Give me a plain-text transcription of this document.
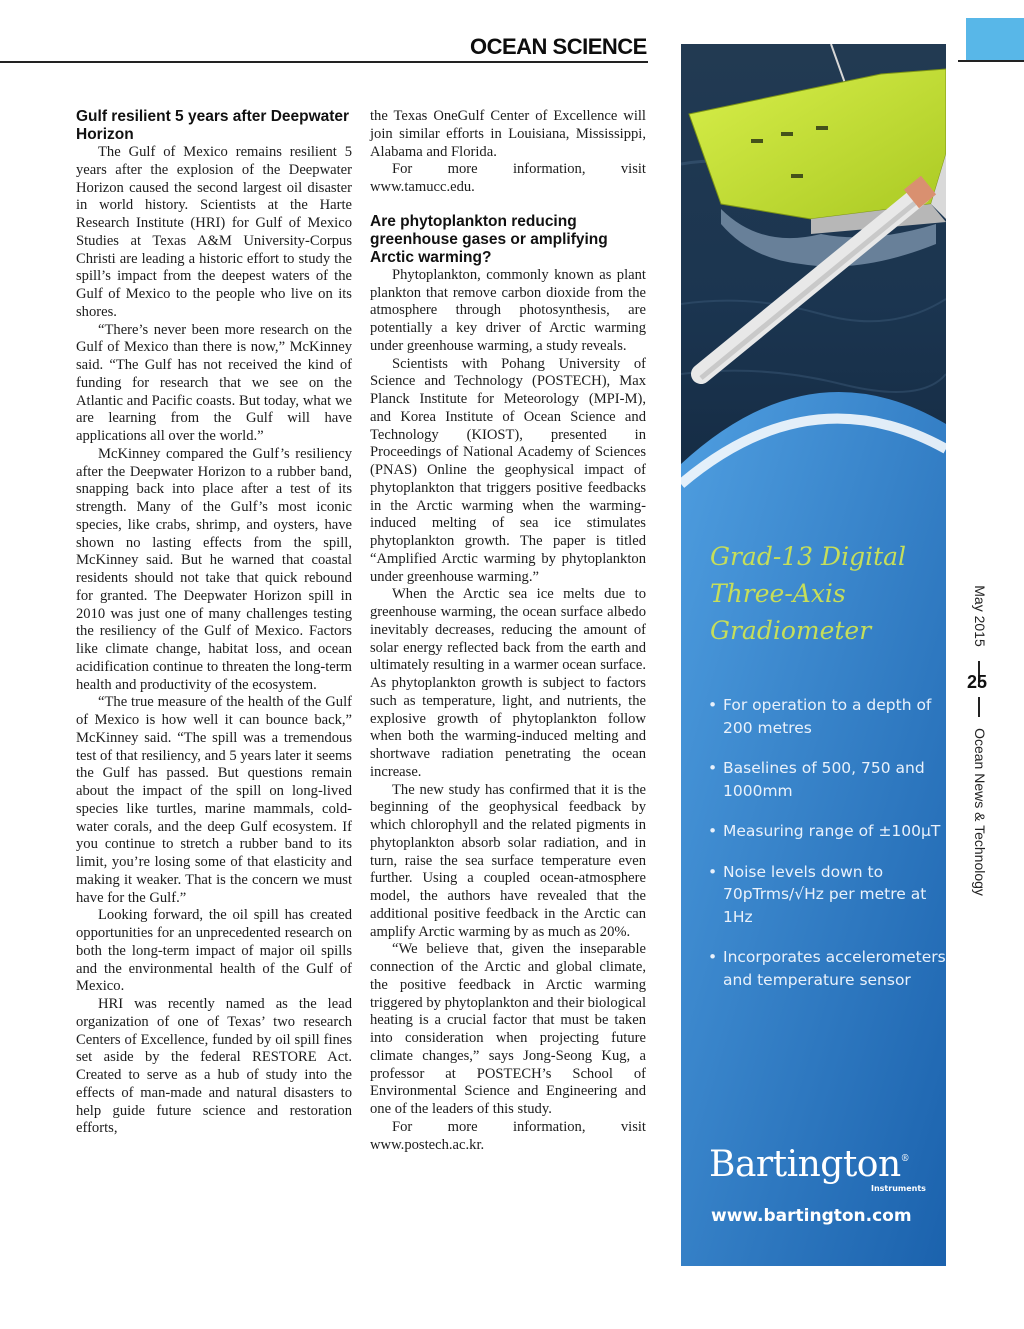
OCEAN SCIENCE
Gulf resilient 5 years after Deepwater Horizon

The Gulf of Mexico remains resilient 5 years after the explosion of the Deepwater Horizon caused the second largest oil disaster in world history. Scientists at the Harte Research Institute (HRI) for Gulf of Mexico Studies at Texas A&M University-Corpus Christi are leading a historic effort to study the spill’s impact from the deepest waters of the Gulf of Mexico to the people who live on its shores.

“There’s never been more research on the Gulf of Mexico than there is now,” McKinney said. “The Gulf has not received the kind of funding for research that we see on the Atlantic and Pacific coasts. But today, what we are learning from the Gulf will have applications all over the world.”

McKinney compared the Gulf’s resiliency after the Deepwater Horizon to a rubber band, snapping back into place after a test of its strength. Many of the Gulf’s most iconic species, like crabs, shrimp, and oysters, have shown no lasting effects from the spill, McKinney said. But he warned that coastal residents should not take that quick rebound for granted. The Deepwater Horizon spill in 2010 was just one of many challenges testing the resiliency of the Gulf of Mexico. Factors like climate change, habitat loss, and ocean acidification continue to threaten the long-term health and productivity of the ecosystem.

“The true measure of the health of the Gulf of Mexico is how well it can bounce back,” McKinney said. “The spill was a tremendous test of that resiliency, and 5 years later it seems the Gulf has passed. But questions remain about the impact of the spill on long-lived species like turtles, marine mammals, cold-water corals, and the deep Gulf ecosystem. If you continue to stretch a rubber band to its limit, you’re losing some of that elasticity and making it weaker. That is the concern we must have for the Gulf.”

Looking forward, the oil spill has created opportunities for an unprecedented research on both the long-term impact of major oil spills and the environmental health of the Gulf of Mexico.

HRI was recently named as the lead organization of one of Texas’ two research Centers of Excellence, funded by oil spill fines set aside by the federal RESTORE Act. Created to serve as a hub of study into the effects of man-made and natural disasters to help guide future science and restoration efforts,

the Texas OneGulf Center of Excellence will join similar efforts in Louisiana, Mississippi, Alabama and Florida.

For more information, visit www.tamucc.edu.

Are phytoplankton reducing greenhouse gases or amplifying Arctic warming?

Phytoplankton, commonly known as plant plankton that remove carbon dioxide from the atmosphere through photosynthesis, are potentially a key driver of Arctic warming under greenhouse warming, a study reveals.

Scientists with Pohang University of Science and Technology (POSTECH), Max Planck Institute for Meteorology (MPI-M), and Korea Institute of Ocean Science and Technology (KIOST), presented in Proceedings of National Academy of Sciences (PNAS) Online the geophysical impact of phytoplankton that triggers positive feedbacks in the Arctic warming when the warming-induced melting of sea ice stimulates phytoplankton growth. The paper is titled “Amplified Arctic warming by phytoplankton under greenhouse warming.”

When the Arctic sea ice melts due to greenhouse warming, the ocean surface albedo inevitably decreases, reducing the amount of solar energy reflected back from the earth and ultimately resulting in a warmer ocean surface. As phytoplankton growth is subject to factors such as temperature, light, and nutrients, the explosive growth of phytoplankton follow when both the warming-induced melting and shortwave radiation penetrating the ocean increase.

The new study has confirmed that it is the beginning of the geophysical feedback by which chlorophyll and the related pigments in phytoplankton absorb solar radiation, and in turn, raise the sea surface temperature even further. Using a coupled ocean-atmosphere model, the authors have revealed that the additional positive feedback in the Arctic can amplify Arctic warming by as much as 20%.

“We believe that, given the inseparable connection of the Arctic and global climate, the positive feedback in Arctic warming triggered by phytoplankton and their biological heating is a crucial factor that must be taken into consideration when projecting future climate changes,” says Jong-Seong Kug, a professor at POSTECH’s School of Environmental Science and Engineering and one of the leaders of this study.

For more information, visit www.postech.ac.kr.

Grad-13 Digital
Three-Axis
Gradiometer
• For operation to a depth of 200 metres
• Baselines of 500, 750 and 1000mm
• Measuring range of ±100μT
• Noise levels down to 70pTrms/√Hz per metre at 1Hz
• Incorporates accelerometers and temperature sensor
Bartington®
Instruments
www.bartington.com
May 2015
25
Ocean News & Technology
